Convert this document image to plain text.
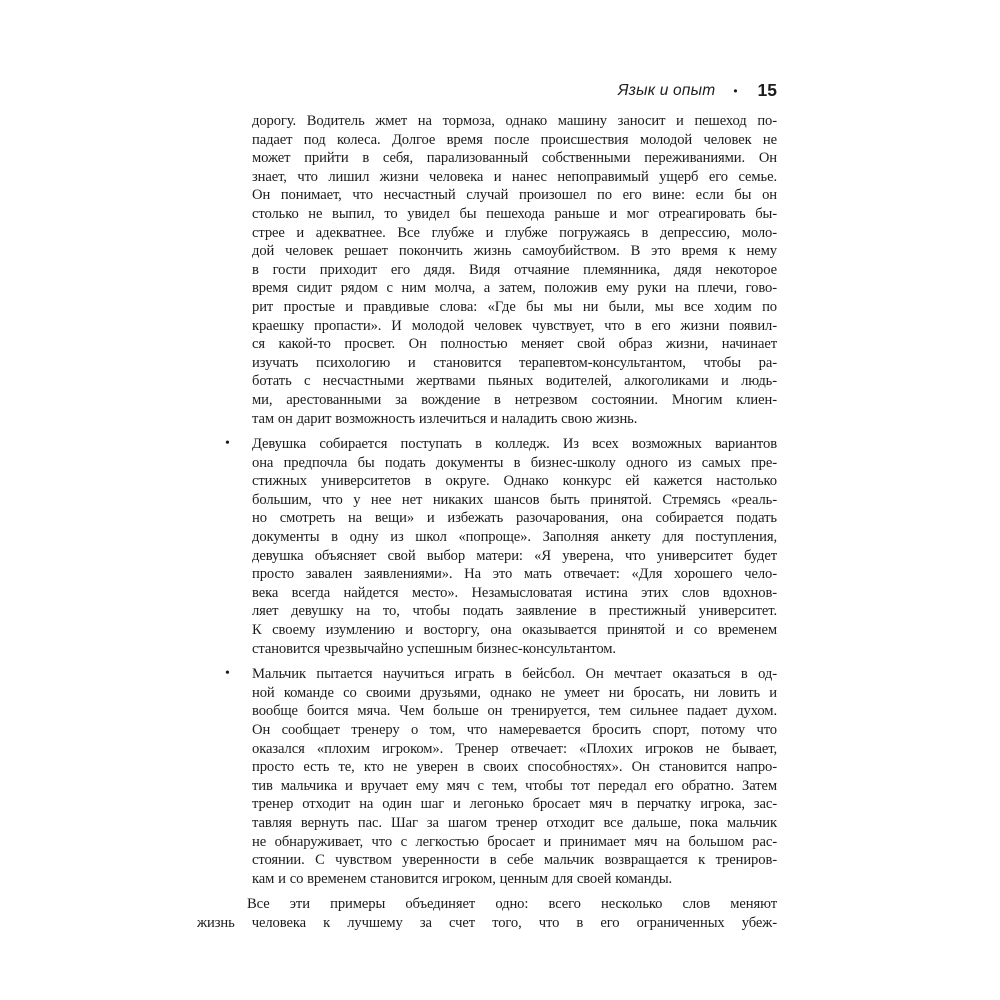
Язык и опыт • 15
дорогу. Водитель жмет на тормоза, однако машину заносит и пешеход по-
падает под колеса. Долгое время после происшествия молодой человек не
может прийти в себя, парализованный собственными переживаниями. Он
знает, что лишил жизни человека и нанес непоправимый ущерб его семье.
Он понимает, что несчастный случай произошел по его вине: если бы он
столько не выпил, то увидел бы пешехода раньше и мог отреагировать бы-
стрее и адекватнее. Все глубже и глубже погружаясь в депрессию, моло-
дой человек решает покончить жизнь самоубийством. В это время к нему
в гости приходит его дядя. Видя отчаяние племянника, дядя некоторое
время сидит рядом с ним молча, а затем, положив ему руки на плечи, гово-
рит простые и правдивые слова: «Где бы мы ни были, мы все ходим по
краешку пропасти». И молодой человек чувствует, что в его жизни появил-
ся какой-то просвет. Он полностью меняет свой образ жизни, начинает
изучать психологию и становится терапевтом-консультантом, чтобы ра-
ботать с несчастными жертвами пьяных водителей, алкоголиками и людь-
ми, арестованными за вождение в нетрезвом состоянии. Многим клиен-
там он дарит возможность излечиться и наладить свою жизнь.
• Девушка собирается поступать в колледж. Из всех возможных вариантов
она предпочла бы подать документы в бизнес-школу одного из самых пре-
стижных университетов в округе. Однако конкурс ей кажется настолько
большим, что у нее нет никаких шансов быть принятой. Стремясь «реаль-
но смотреть на вещи» и избежать разочарования, она собирается подать
документы в одну из школ «попроще». Заполняя анкету для поступления,
девушка объясняет свой выбор матери: «Я уверена, что университет будет
просто завален заявлениями». На это мать отвечает: «Для хорошего чело-
века всегда найдется место». Незамысловатая истина этих слов вдохнов-
ляет девушку на то, чтобы подать заявление в престижный университет.
К своему изумлению и восторгу, она оказывается принятой и со временем
становится чрезвычайно успешным бизнес-консультантом.
• Мальчик пытается научиться играть в бейсбол. Он мечтает оказаться в од-
ной команде со своими друзьями, однако не умеет ни бросать, ни ловить и
вообще боится мяча. Чем больше он тренируется, тем сильнее падает духом.
Он сообщает тренеру о том, что намеревается бросить спорт, потому что
оказался «плохим игроком». Тренер отвечает: «Плохих игроков не бывает,
просто есть те, кто не уверен в своих способностях». Он становится напро-
тив мальчика и вручает ему мяч с тем, чтобы тот передал его обратно. Затем
тренер отходит на один шаг и легонько бросает мяч в перчатку игрока, зас-
тавляя вернуть пас. Шаг за шагом тренер отходит все дальше, пока мальчик
не обнаруживает, что с легкостью бросает и принимает мяч на большом рас-
стоянии. С чувством уверенности в себе мальчик возвращается к трениров-
кам и со временем становится игроком, ценным для своей команды.
Все эти примеры объединяет одно: всего несколько слов меняют
жизнь человека к лучшему за счет того, что в его ограниченных убеж-
